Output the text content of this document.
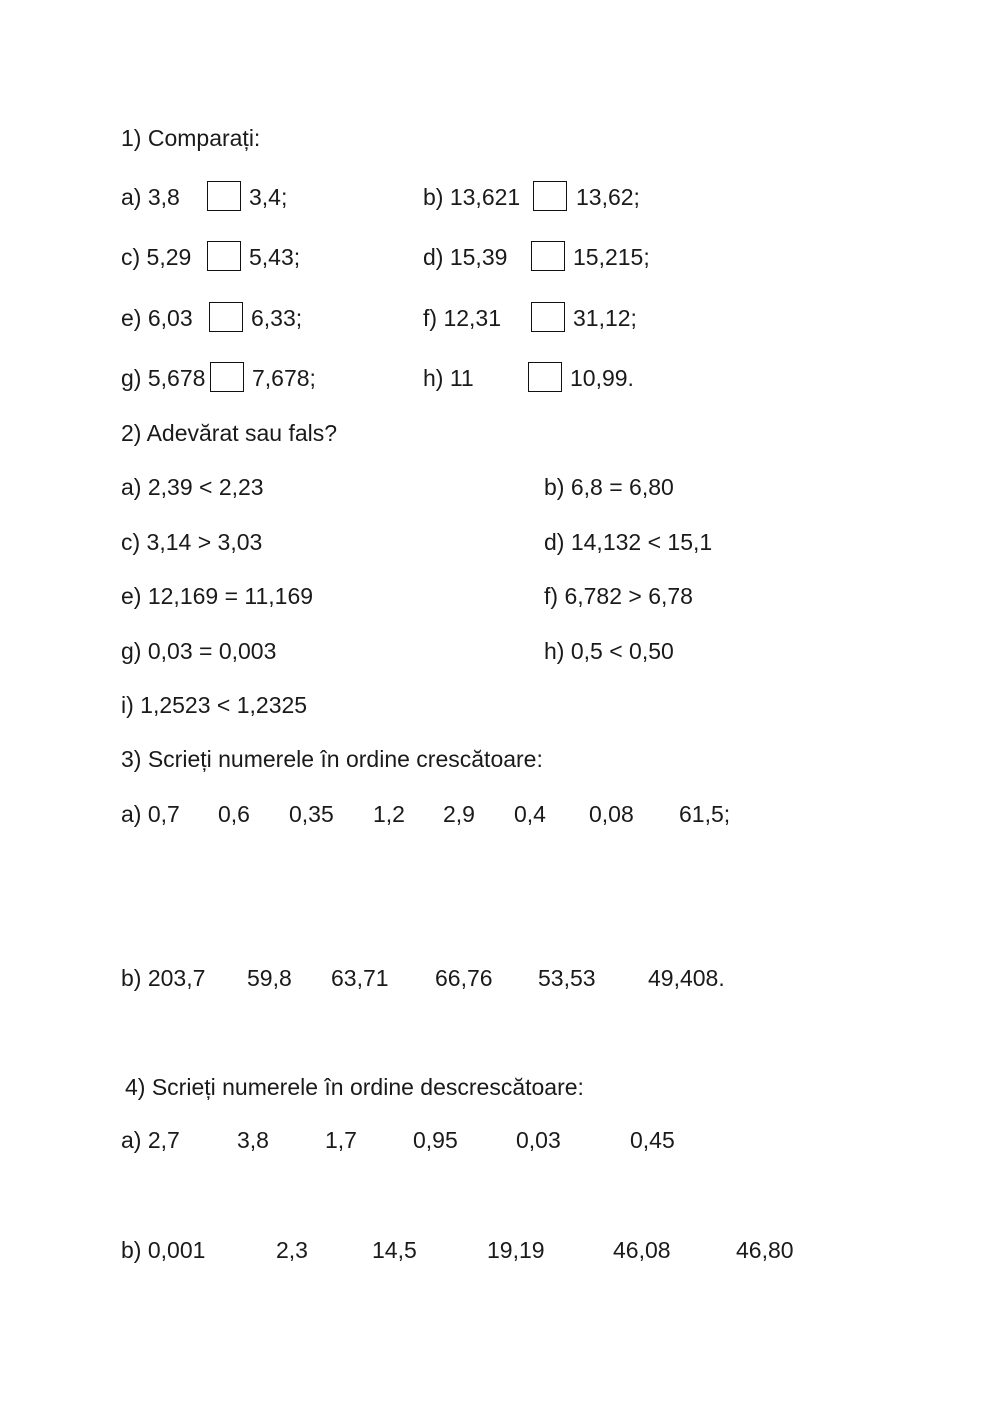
1) Comparați:
a) 3,8	3,4;	b) 13,621 13,62;
c) 5,29	5,43;	d) 15,39	15,215;
e) 6,03	6,33;	f) 12,31	31,12;
g) 5,678 7,678;	h) 11	10,99.
2) Adevărat sau fals?
a) 2,39 < 2,23	b) 6,8 = 6,80
c) 3,14 > 3,03	d) 14,132 < 15,1
e) 12,169 = 11,169	f) 6,782 > 6,78
g) 0,03 = 0,003	h) 0,5 < 0,50
i) 1,2523 < 1,2325
3) Scrieți numerele în ordine crescătoare:
a) 0,7 0,6 0,35 1,2 2,9 0,4 0,08 61,5;
b) 203,7 59,8 63,71 66,76 53,53 49,408.
4) Scrieți numerele în ordine descrescătoare:
a) 2,7 3,8 1,7 0,95	0,03	0,45
b) 0,001	2,3	14,5	19,19	46,08	46,80
